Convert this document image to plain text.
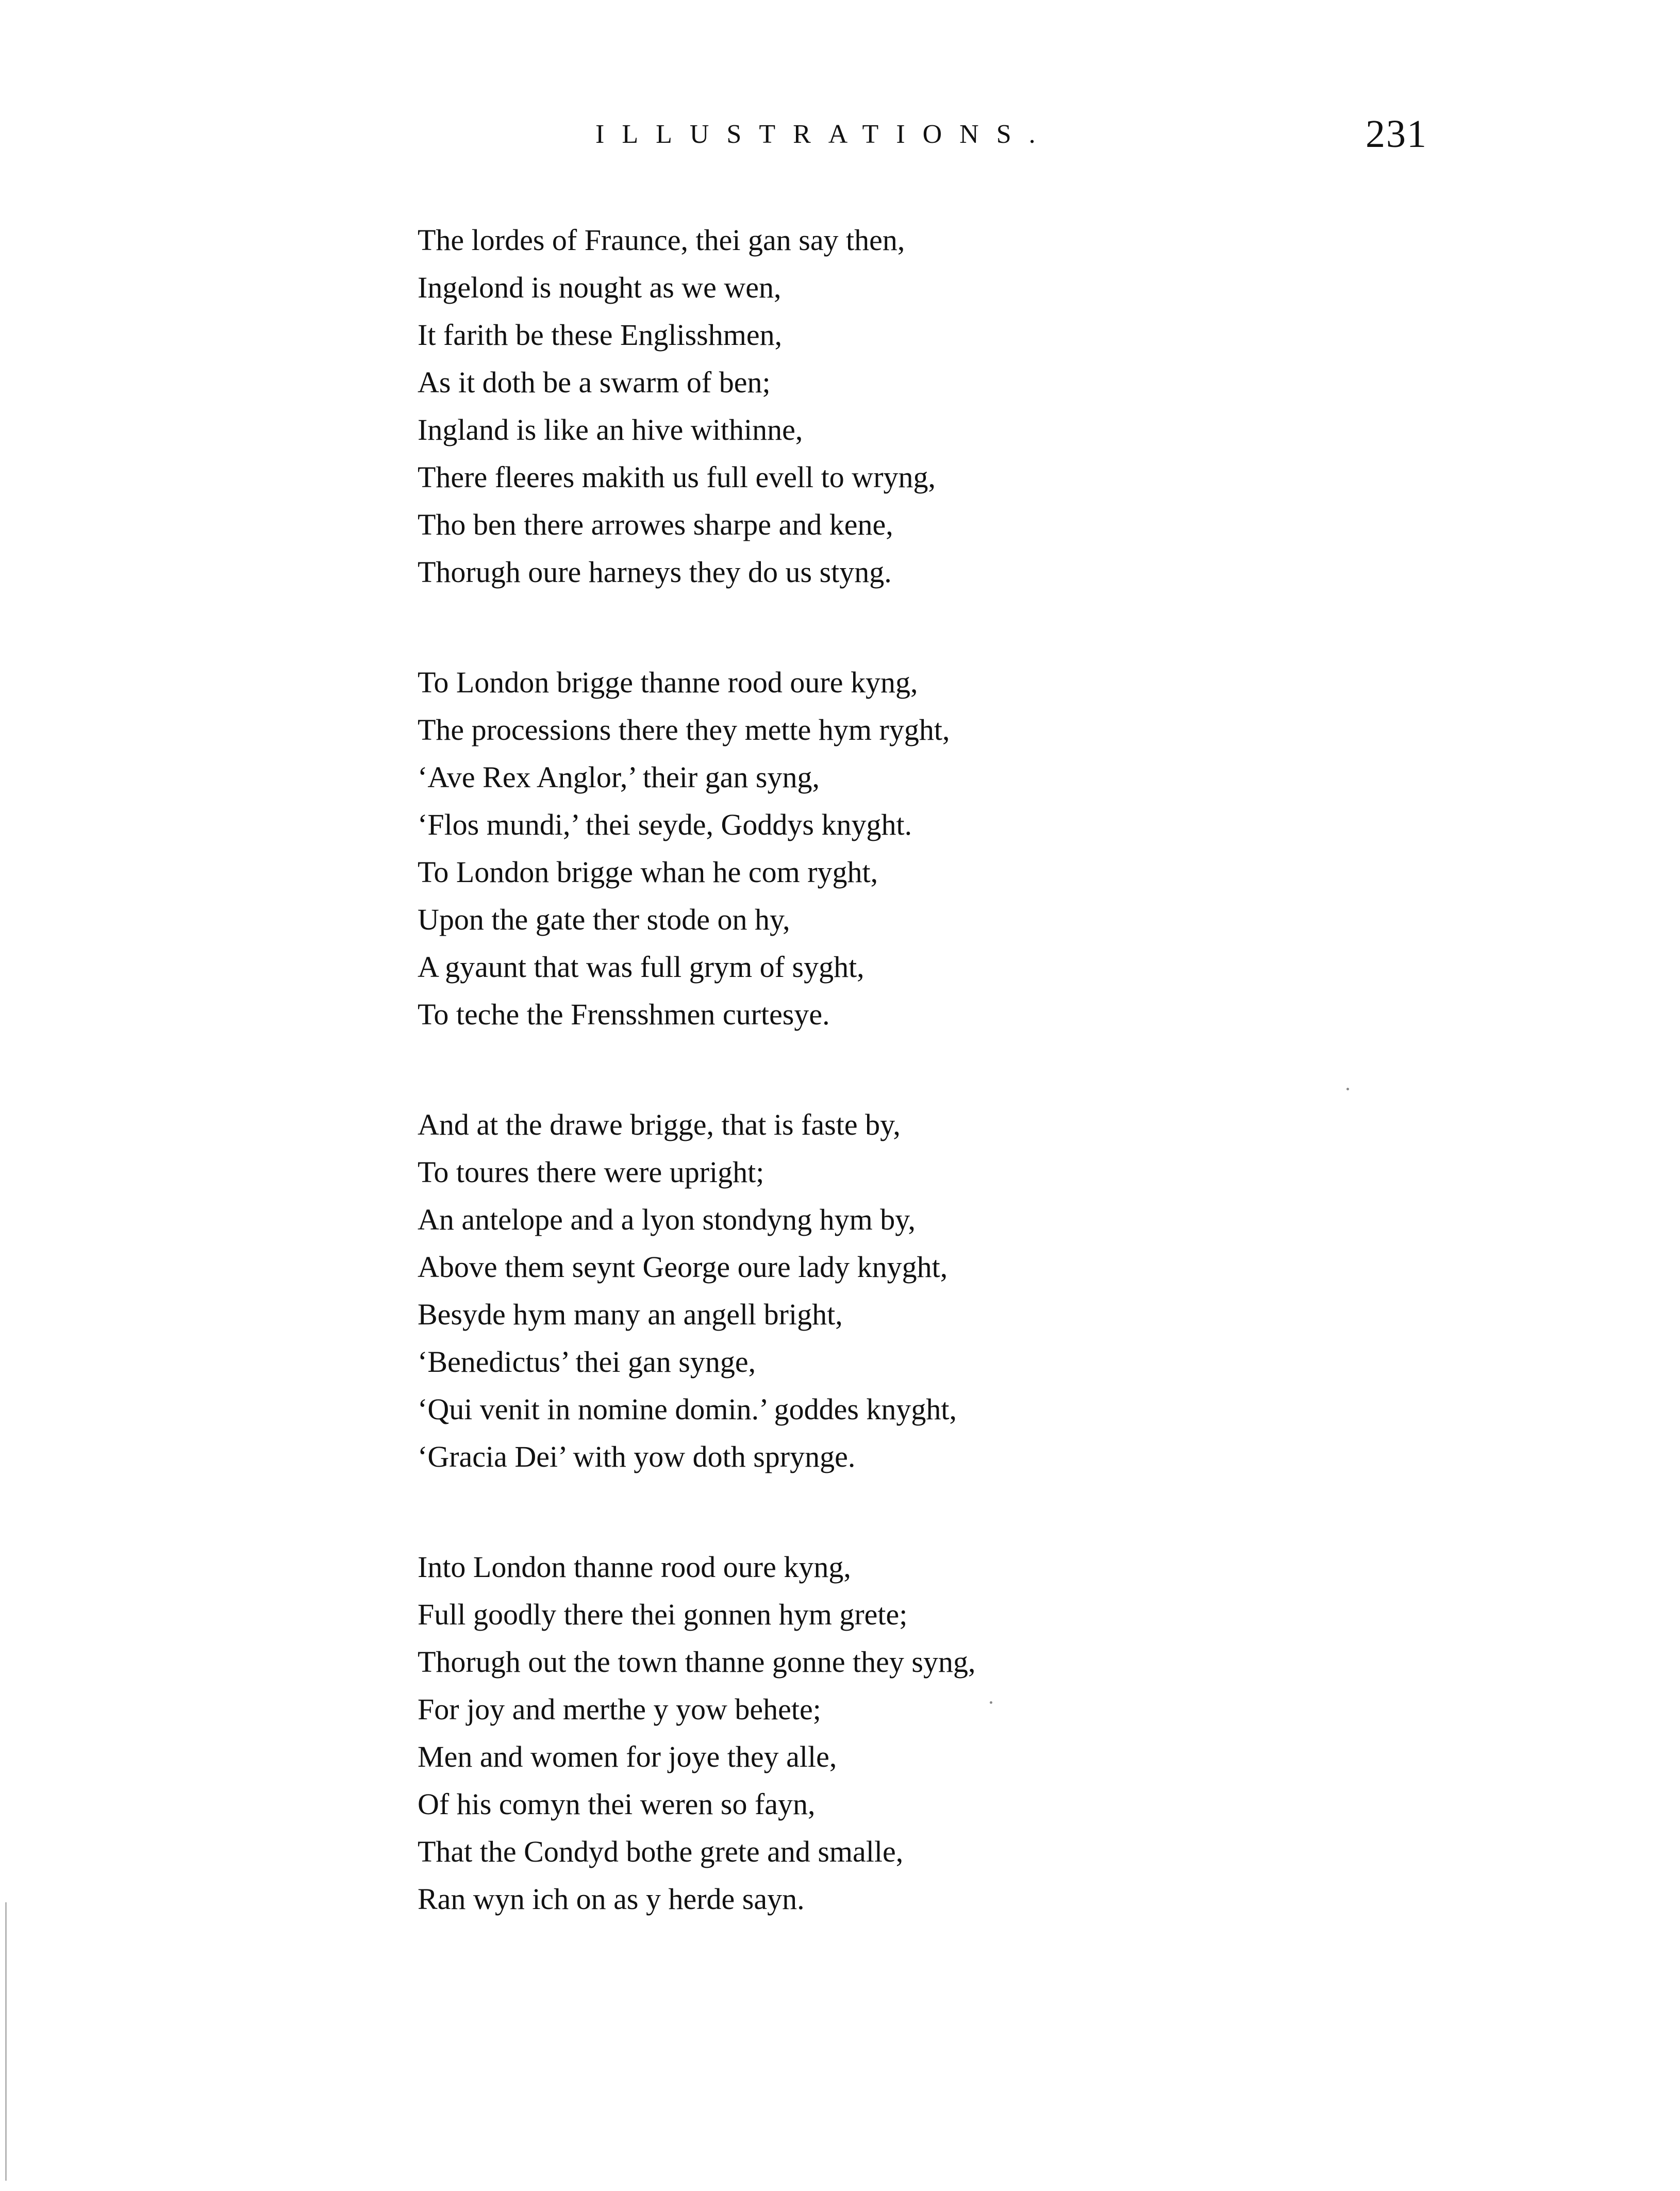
ILLUSTRATIONS.	231
The lordes of Fraunce, thei gan say then,
Ingelond is nought as we wen,
It farith be these Englisshmen,
As it doth be a swarm of ben;
Ingland is like an hive withinne,
There fleeres makith us full evell to wryng,
Tho ben there arrowes sharpe and kene,
Thorugh oure harneys they do us styng.
To London brigge thanne rood oure kyng,
The processions there they mette hym ryght,
‘Ave Rex Anglor,’ their gan syng,
‘Flos mundi,’ thei seyde, Goddys knyght.
To London brigge whan he com ryght,
Upon the gate ther stode on hy,
A gyaunt that was full grym of syght,
To teche the Frensshmen curtesye.
And at the drawe brigge, that is faste by,
To toures there were upright;
An antelope and a lyon stondyng hym by,
Above them seynt George oure lady knyght,
Besyde hym many an angell bright,
‘Benedictus’ thei gan synge,
‘Qui venit in nomine domin.’ goddes knyght,
‘Gracia Dei’ with yow doth sprynge.
Into London thanne rood oure kyng,
Full goodly there thei gonnen hym grete;
Thorugh out the town thanne gonne they syng,
For joy and merthe y yow behete;
Men and women for joye they alle,
Of his comyn thei weren so fayn,
That the Condyd bothe grete and smalle,
Ran wyn ich on as y herde sayn.
